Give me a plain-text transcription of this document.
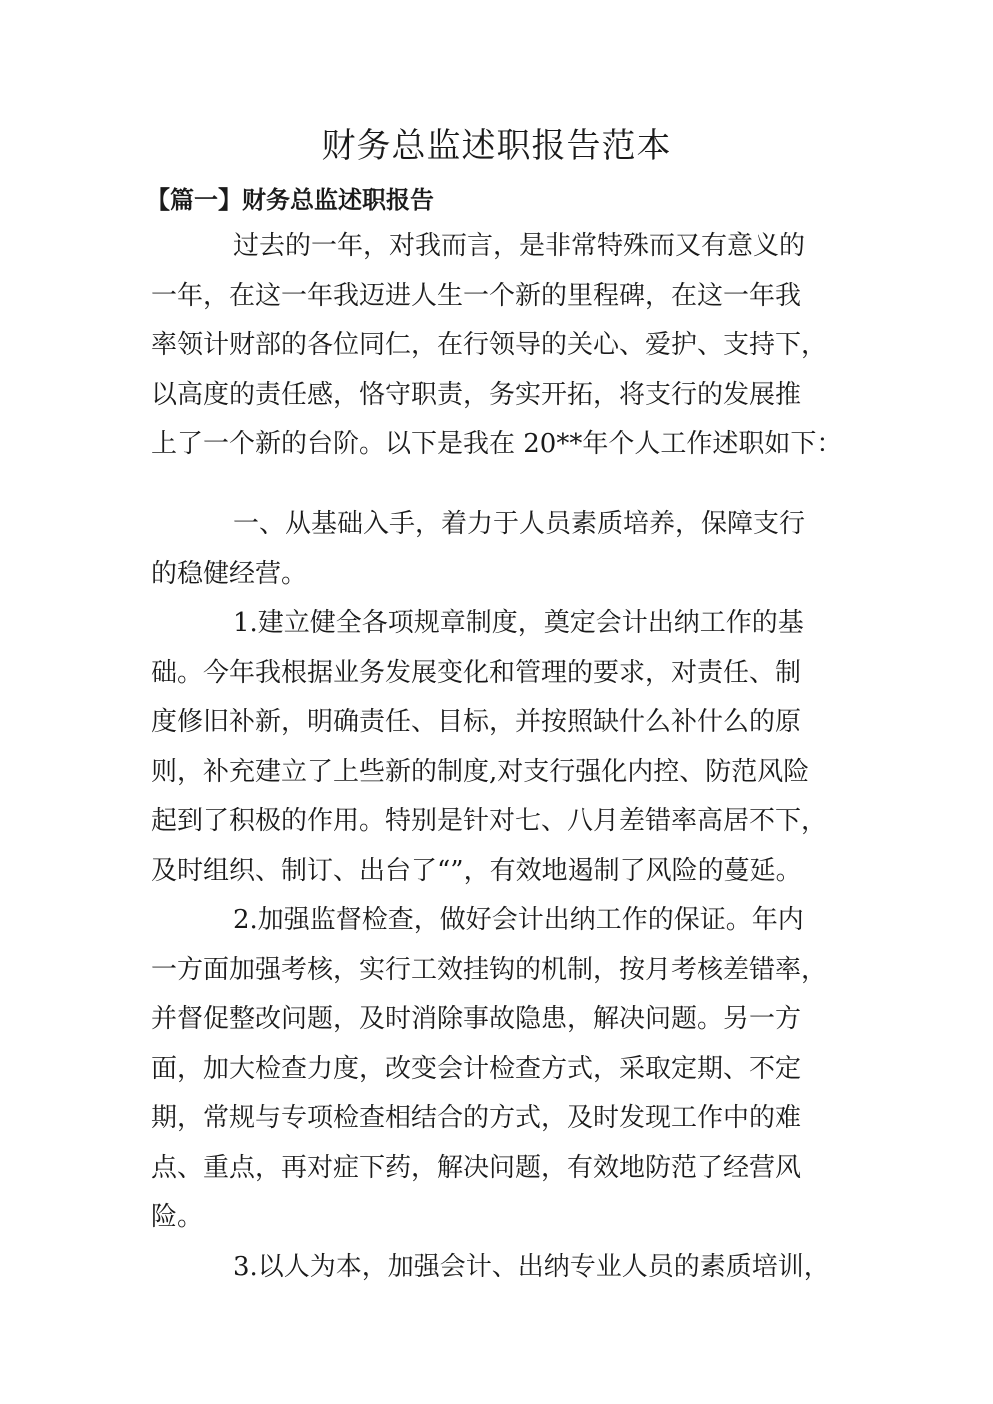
财务总监述职报告范本
【篇一】财务总监述职报告
过去的一年，对我而言，是非常特殊而又有意义的
一年，在这一年我迈进人生一个新的里程碑，在这一年我
率领计财部的各位同仁，在行领导的关心、爱护、支持下，
以高度的责任感，恪守职责，务实开拓，将支行的发展推
上了一个新的台阶。以下是我在 20**年个人工作述职如下：
一、从基础入手，着力于人员素质培养，保障支行
的稳健经营。
1.建立健全各项规章制度，奠定会计出纳工作的基
础。今年我根据业务发展变化和管理的要求，对责任、制
度修旧补新，明确责任、目标，并按照缺什么补什么的原
则，补充建立了上些新的制度,对支行强化内控、防范风险
起到了积极的作用。特别是针对七、八月差错率高居不下，
及时组织、制订、出台了“”，有效地遏制了风险的蔓延。
2.加强监督检查，做好会计出纳工作的保证。年内
一方面加强考核，实行工效挂钩的机制，按月考核差错率，
并督促整改问题，及时消除事故隐患，解决问题。另一方
面，加大检查力度，改变会计检查方式，采取定期、不定
期，常规与专项检查相结合的方式，及时发现工作中的难
点、重点，再对症下药，解决问题，有效地防范了经营风
险。
3.以人为本，加强会计、出纳专业人员的素质培训，
